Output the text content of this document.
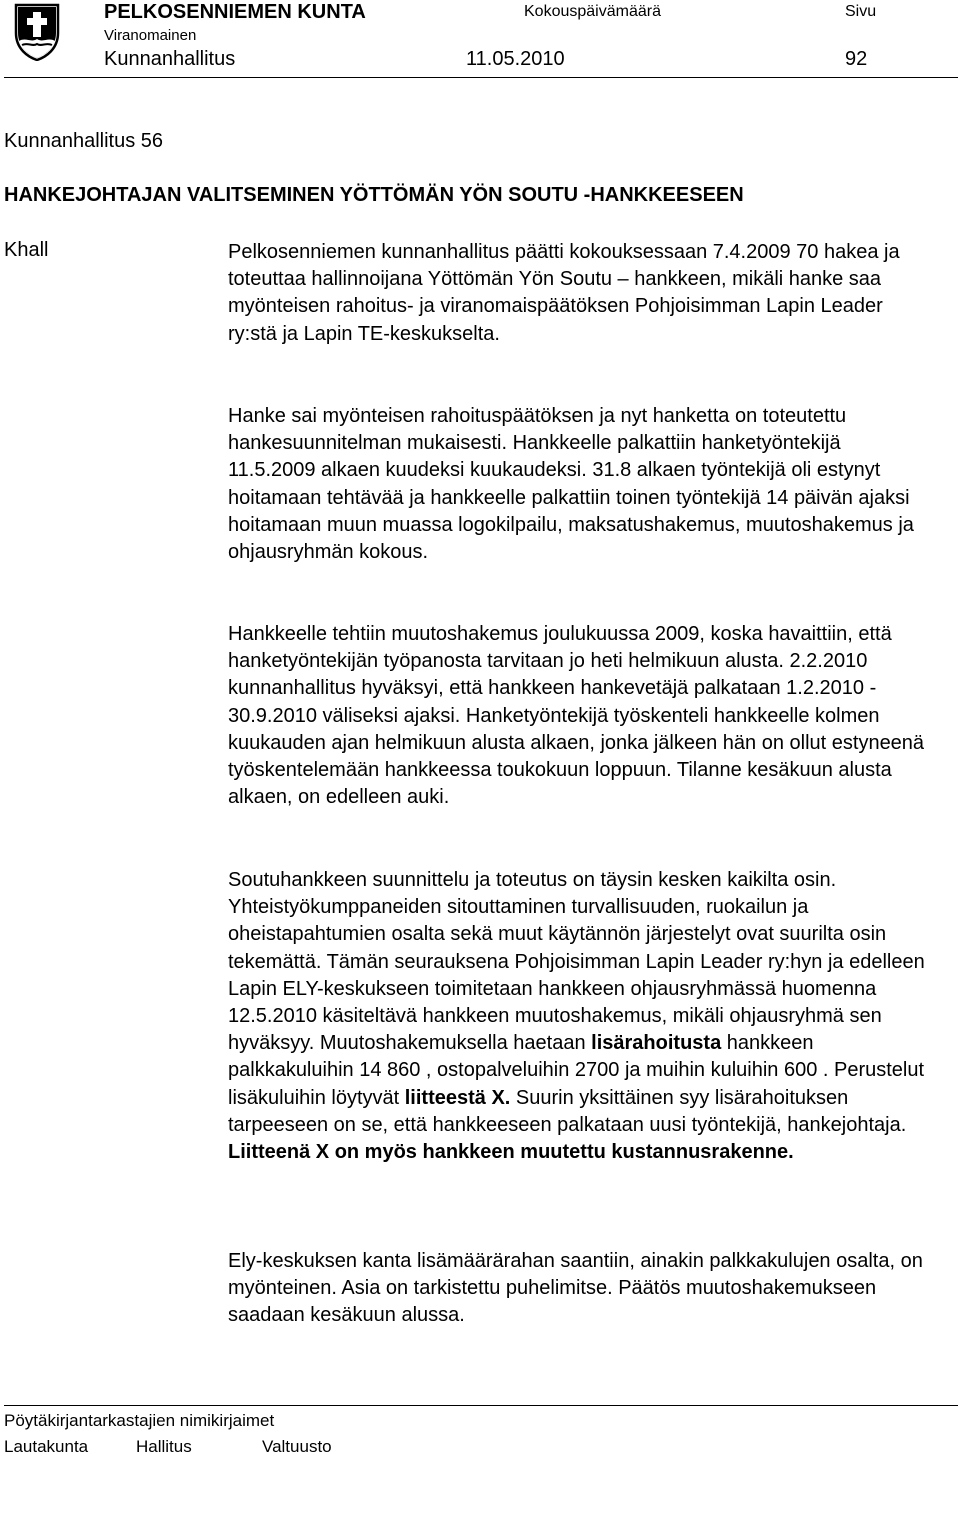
PELKOSENNIEMEN KUNTA
Viranomainen
Kunnanhallitus
Kokouspäivämäärä
11.05.2010
Sivu
92
Kunnanhallitus 56
HANKEJOHTAJAN VALITSEMINEN YÖTTÖMÄN YÖN SOUTU -HANKKEESEEN
Khall	Pelkosenniemen kunnanhallitus päätti kokouksessaan 7.4.2009 70 hakea ja toteuttaa hallinnoijana Yöttömän Yön Soutu – hankkeen, mikäli hanke saa myönteisen rahoitus- ja viranomaispäätöksen Pohjoisimman Lapin Leader ry:stä ja Lapin TE-keskukselta.

Hanke sai myönteisen rahoituspäätöksen ja nyt hanketta on toteutettu hankesuunnitelman mukaisesti. Hankkeelle palkattiin hanketyöntekijä 11.5.2009 alkaen kuudeksi kuukaudeksi. 31.8 alkaen työntekijä oli estynyt hoitamaan tehtävää ja hankkeelle palkattiin toinen työntekijä 14 päivän ajaksi hoitamaan muun muassa logokilpailu, maksatushakemus, muutoshakemus ja ohjausryhmän kokous.

Hankkeelle tehtiin muutoshakemus joulukuussa 2009, koska havaittiin, että hanketyöntekijän työpanosta tarvitaan jo heti helmikuun alusta. 2.2.2010 kunnanhallitus hyväksyi, että hankkeen hankevetäjä palkataan 1.2.2010 - 30.9.2010 väliseksi ajaksi. Hanketyöntekijä työskenteli hankkeelle kolmen kuukauden ajan helmikuun alusta alkaen, jonka jälkeen hän on ollut estyneenä työskentelemään hankkeessa toukokuun loppuun. Tilanne kesäkuun alusta alkaen, on edelleen auki.

Soutuhankkeen suunnittelu ja toteutus on täysin kesken kaikilta osin. Yhteistyökumppaneiden sitouttaminen turvallisuuden, ruokailun ja oheistapahtumien osalta sekä muut käytännön järjestelyt ovat suurilta osin tekemättä. Tämän seurauksena Pohjoisimman Lapin Leader ry:hyn ja edelleen Lapin ELY-keskukseen toimitetaan hankkeen ohjausryhmässä huomenna 12.5.2010 käsiteltävä hankkeen muutoshakemus, mikäli ohjausryhmä sen hyväksyy. Muutoshakemuksella haetaan lisärahoitusta hankkeen palkkakuluihin 14 860 , ostopalveluihin 2700 ja muihin kuluihin 600 . Perustelut lisäkuluihin löytyvät liitteestä X. Suurin yksittäinen syy lisärahoituksen tarpeeseen on se, että hankkeeseen palkataan uusi työntekijä, hankejohtaja. Liitteenä X on myös hankkeen muutettu kustannusrakenne.

Ely-keskuksen kanta lisämäärärahan saantiin, ainakin palkkakulujen osalta, on myönteinen. Asia on tarkistettu puhelimitse. Päätös muutoshakemukseen saadaan kesäkuun alussa.

Pöytäkirjantarkastajien nimikirjaimet
Lautakunta	Hallitus	Valtuusto
